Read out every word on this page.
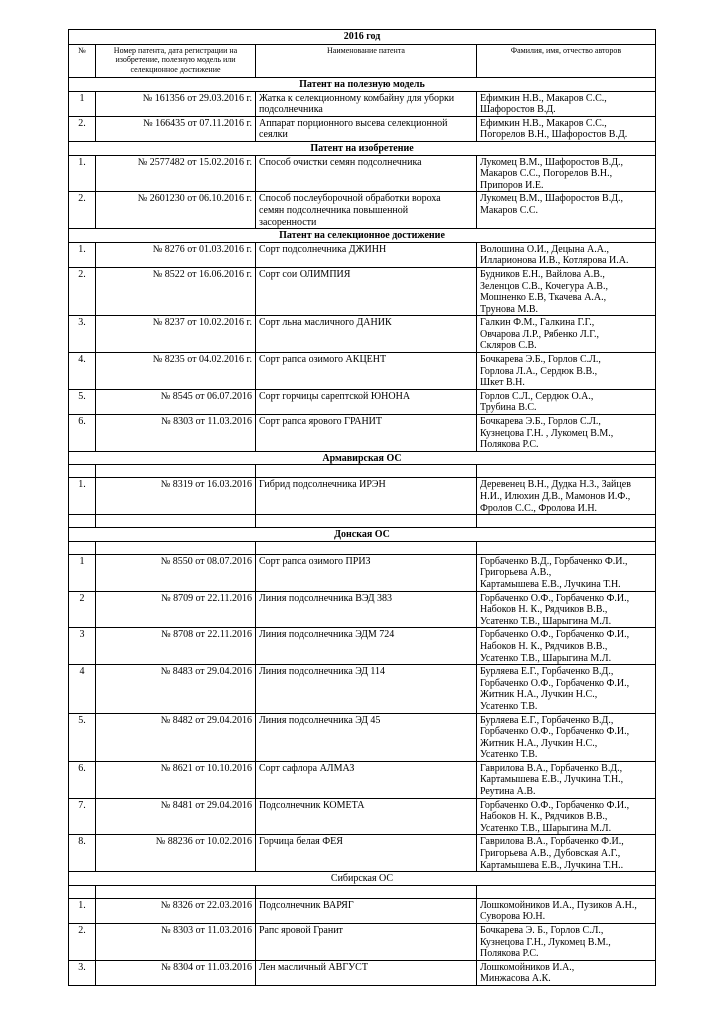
2016 год			
№	Номер патента, дата регистрации на изобретение, полезную модель или селекционное достижение	Наименование патента	Фамилия, имя, отчество авторов
Патент на полезную модель			
1	№ 161356 от 29.03.2016 г.	Жатка к селекционному комбайну для уборки
подсолнечника	Ефимкин Н.В., Макаров С.С.,
Шафоростов В.Д.

2.	№ 166435 от 07.11.2016 г.	Аппарат порционного высева селекционной
сеялки	Ефимкин Н.В., Макаров С.С.,
Погорелов В.Н., Шафоростов В.Д.

Патент на изобретение			
1.	№ 2577482 от 15.02.2016 г.	Способ очистки семян подсолнечника	Лукомец В.М., Шафоростов В.Д.,
Макаров С.С., Погорелов В.Н.,
Припоров И.Е.

2.	№ 2601230 от 06.10.2016 г.	Способ послеуборочной обработки вороха
семян подсолнечника повышенной
засоренности	Лукомец В.М., Шафоростов В.Д.,
Макаров С.С.

Патент на селекционное достижение			
1.	№ 8276 от 01.03.2016 г.	Сорт подсолнечника ДЖИНН	Волошина О.И., Децына А.А.,
Илларионова И.В., Котлярова И.А.

2.	№ 8522 от 16.06.2016 г.	Сорт сои ОЛИМПИЯ	Будников Е.Н., Вайлова А.В.,
Зеленцов С.В., Кочегура А.В.,
Мошненко Е.В, Ткачева А.А.,
Трунова М.В.

3.	№ 8237 от 10.02.2016 г.	Сорт льна масличного ДАНИК	Галкин Ф.М., Галкина Г.Г.,
Овчарова Л.Р., Рябенко Л.Г.,
Скляров С.В.

4.	№ 8235 от 04.02.2016 г.	Сорт рапса озимого АКЦЕНТ	Бочкарева Э.Б., Горлов С.Л.,
Горлова Л.А., Сердюк В.В.,
Шкет В.Н.

5.	№ 8545 от 06.07.2016	Сорт горчицы сарептской ЮНОНА	Горлов С.Л., Сердюк О.А.,
Трубина В.С.

6.	№ 8303 от 11.03.2016	Сорт рапса ярового ГРАНИТ	Бочкарева Э.Б., Горлов С.Л.,
Кузнецова Г.Н. , Лукомец В.М.,
Полякова Р.С.

Армавирская ОС			

1.	№ 8319 от 16.03.2016	Гибрид подсолнечника ИРЭН	Деревенец В.Н., Дудка Н.З., Зайцев
Н.И., Илюхин Д.В., Мамонов И.Ф.,
Фролов С.С., Фролова И.Н.

Донская ОС			

1	№ 8550 от 08.07.2016	Сорт рапса озимого ПРИЗ	Горбаченко В.Д., Горбаченко Ф.И.,
Григорьева А.В.,
Картамышева Е.В., Лучкина Т.Н.

2	№ 8709 от 22.11.2016	Линия подсолнечника ВЭД 383	Горбаченко О.Ф., Горбаченко Ф.И.,
Набоков Н. К., Рядчиков В.В.,
Усатенко Т.В., Шарыгина М.Л.

3	№ 8708 от 22.11.2016	Линия подсолнечника ЭДМ 724	Горбаченко О.Ф., Горбаченко Ф.И.,
Набоков Н. К., Рядчиков В.В.,
Усатенко Т.В., Шарыгина М.Л.

4	№ 8483 от 29.04.2016	Линия подсолнечника ЭД 114	Бурляева Е.Г., Горбаченко В.Д.,
Горбаченко О.Ф., Горбаченко Ф.И.,
Житник Н.А., Лучкин Н.С.,
Усатенко Т.В.

5.	№ 8482 от 29.04.2016	Линия подсолнечника ЭД 45	Бурляева Е.Г., Горбаченко В.Д.,
Горбаченко О.Ф., Горбаченко Ф.И.,
Житник Н.А., Лучкин Н.С.,
Усатенко Т.В.

6.	№ 8621 от 10.10.2016	Сорт сафлора АЛМАЗ	Гаврилова В.А., Горбаченко В.Д.,
Картамышева Е.В., Лучкина Т.Н.,
Реутина А.В.

7.	№ 8481 от 29.04.2016	Подсолнечник КОМЕТА	Горбаченко О.Ф., Горбаченко Ф.И.,
Набоков Н. К., Рядчиков В.В.,
Усатенко Т.В., Шарыгина М.Л.

8.	№ 88236 от 10.02.2016	Горчица белая ФЕЯ	Гаврилова В.А., Горбаченко Ф.И.,
Григорьева А.В., Дубовская А.Г.,
Картамышева Е.В., Лучкина Т.Н..

Сибирская ОС			

1.	№ 8326 от 22.03.2016	Подсолнечник ВАРЯГ	Лошкомойников И.А., Пузиков А.Н.,
Суворова Ю.Н.

2.	№ 8303 от 11.03.2016	Рапс яровой Гранит	Бочкарева Э. Б., Горлов С.Л.,
Кузнецова Г.Н., Лукомец В.М.,
Полякова Р.С.

3.	№ 8304 от 11.03.2016	Лен масличный АВГУСТ	Лошкомойников И.А.,
Минжасова А.К.
